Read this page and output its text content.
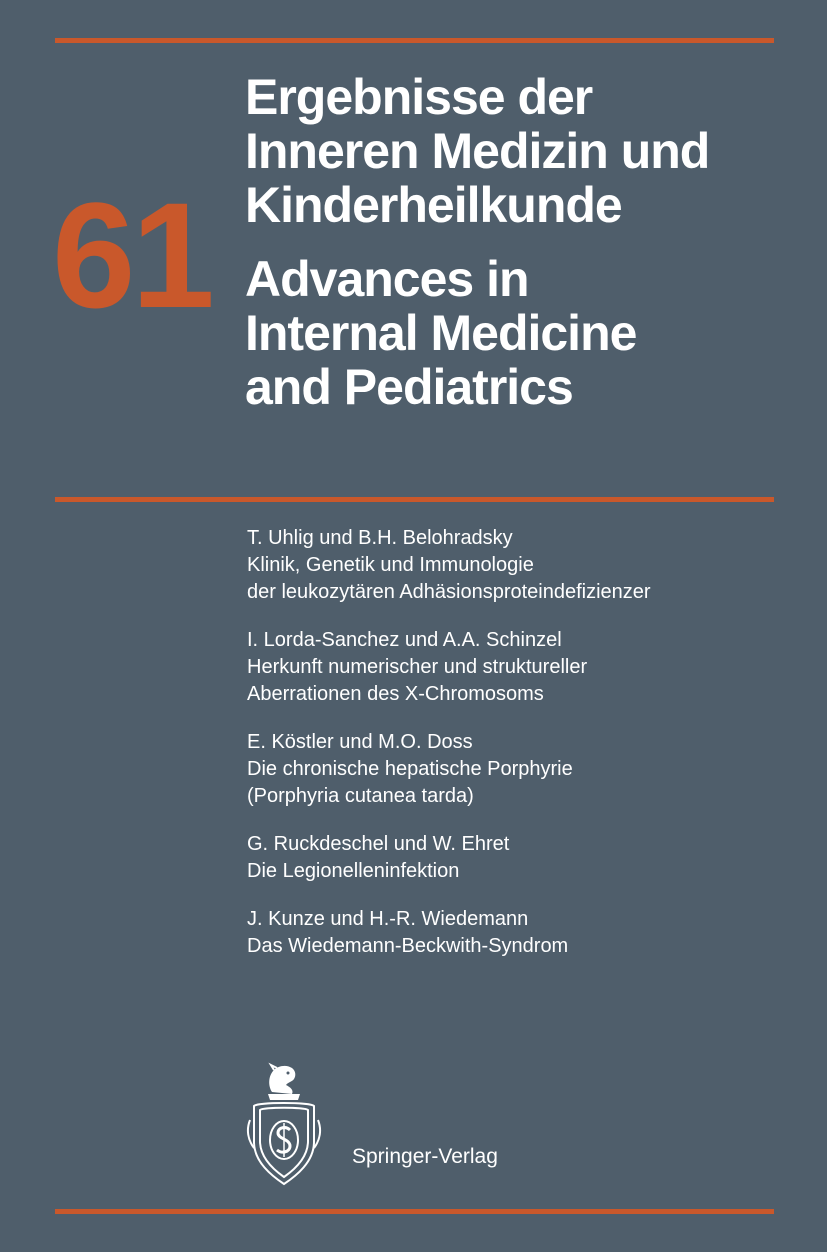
61
Ergebnisse der
Inneren Medizin und
Kinderheilkunde
Advances in
Internal Medicine
and Pediatrics
T. Uhlig und B.H. Belohradsky
Klinik, Genetik und Immunologie
der leukozytären Adhäsionsproteindefizienzer
I. Lorda-Sanchez und A.A. Schinzel
Herkunft numerischer und struktureller
Aberrationen des X-Chromosoms
E. Köstler und M.O. Doss
Die chronische hepatische Porphyrie
(Porphyria cutanea tarda)
G. Ruckdeschel und W. Ehret
Die Legionelleninfektion
J. Kunze und H.-R. Wiedemann
Das Wiedemann-Beckwith-Syndrom
Springer-Verlag
